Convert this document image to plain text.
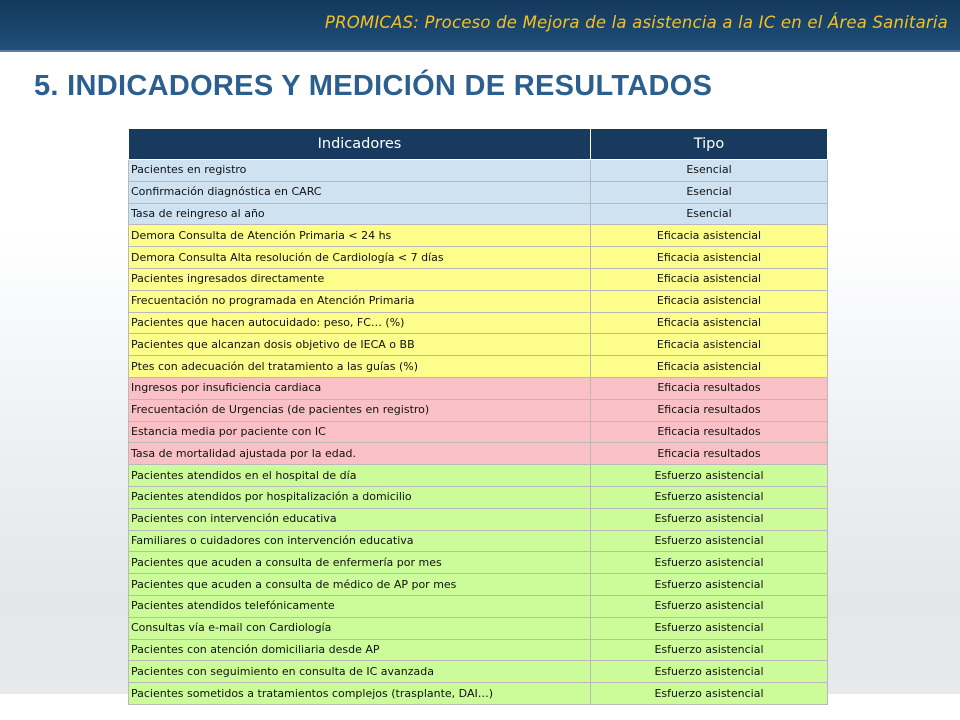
PROMICAS: Proceso de Mejora de la asistencia a la IC en el Área Sanitaria
5. INDICADORES Y MEDICIÓN DE RESULTADOS
Indicadores	Tipo
Pacientes en registro	Esencial
Confirmación diagnóstica en CARC	Esencial
Tasa de reingreso al año	Esencial
Demora Consulta de Atención Primaria < 24 hs	Eficacia asistencial
Demora Consulta Alta resolución de Cardiología < 7 días	Eficacia asistencial
Pacientes ingresados directamente	Eficacia asistencial
Frecuentación no programada en Atención Primaria	Eficacia asistencial
Pacientes que hacen autocuidado: peso, FC… (%)	Eficacia asistencial
Pacientes que alcanzan dosis objetivo de IECA o BB	Eficacia asistencial
Ptes con adecuación del tratamiento a las guías (%)	Eficacia asistencial
Ingresos por insuficiencia cardiaca	Eficacia resultados
Frecuentación de Urgencias (de pacientes en registro)	Eficacia resultados
Estancia media por paciente con IC	Eficacia resultados
Tasa de mortalidad ajustada por la edad.	Eficacia resultados
Pacientes atendidos en el hospital de día	Esfuerzo asistencial
Pacientes atendidos por hospitalización a domicilio	Esfuerzo asistencial
Pacientes con intervención educativa	Esfuerzo asistencial
Familiares o cuidadores con intervención educativa	Esfuerzo asistencial
Pacientes que acuden a consulta de enfermería por mes	Esfuerzo asistencial
Pacientes que acuden a consulta de médico de AP por mes	Esfuerzo asistencial
Pacientes atendidos telefónicamente	Esfuerzo asistencial
Consultas vía e-mail con Cardiología	Esfuerzo asistencial
Pacientes con atención domiciliaria desde AP	Esfuerzo asistencial
Pacientes con seguimiento en consulta de IC avanzada	Esfuerzo asistencial
Pacientes sometidos a tratamientos complejos (trasplante, DAI…)	Esfuerzo asistencial
